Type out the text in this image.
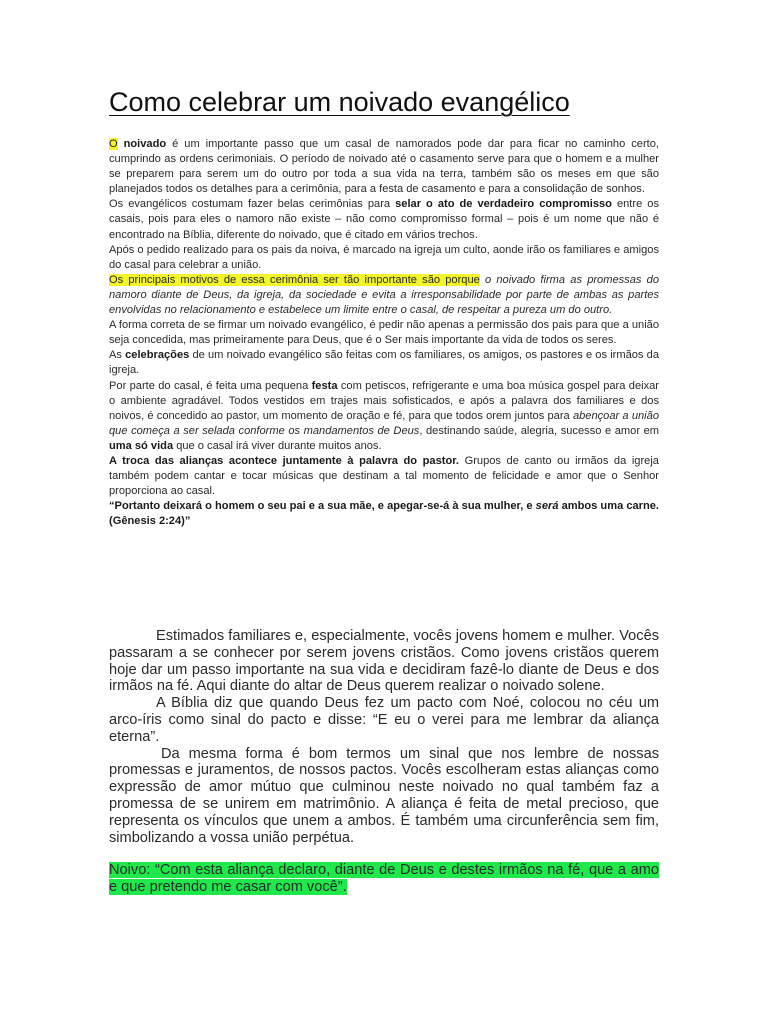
Como celebrar um noivado evangélico

O noivado é um importante passo que um casal de namorados pode dar para ficar no caminho certo, cumprindo as ordens cerimoniais. O período de noivado até o casamento serve para que o homem e a mulher se preparem para serem um do outro por toda a sua vida na terra, também são os meses em que são planejados todos os detalhes para a cerimônia, para a festa de casamento e para a consolidação de sonhos.

Os evangélicos costumam fazer belas cerimônias para selar o ato de verdadeiro compromisso entre os casais, pois para eles o namoro não existe – não como compromisso formal – pois é um nome que não é encontrado na Bíblia, diferente do noivado, que é citado em vários trechos.

Após o pedido realizado para os pais da noiva, é marcado na igreja um culto, aonde irão os familiares e amigos do casal para celebrar a união.

Os principais motivos de essa cerimônia ser tão importante são porque o noivado firma as promessas do namoro diante de Deus, da igreja, da sociedade e evita a irresponsabilidade por parte de ambas as partes envolvidas no relacionamento e estabelece um limite entre o casal, de respeitar a pureza um do outro.

A forma correta de se firmar um noivado evangélico, é pedir não apenas a permissão dos pais para que a união seja concedida, mas primeiramente para Deus, que é o Ser mais importante da vida de todos os seres.

As celebrações de um noivado evangélico são feitas com os familiares, os amigos, os pastores e os irmãos da igreja.

Por parte do casal, é feita uma pequena festa com petiscos, refrigerante e uma boa música gospel para deixar o ambiente agradável. Todos vestidos em trajes mais sofisticados, e após a palavra dos familiares e dos noivos, é concedido ao pastor, um momento de oração e fé, para que todos orem juntos para abençoar a união que começa a ser selada conforme os mandamentos de Deus, destinando saúde, alegria, sucesso e amor em uma só vida que o casal irá viver durante muitos anos.

A troca das alianças acontece juntamente à palavra do pastor. Grupos de canto ou irmãos da igreja também podem cantar e tocar músicas que destinam a tal momento de felicidade e amor que o Senhor proporciona ao casal.

“Portanto deixará o homem o seu pai e a sua mãe, e apegar-se-á à sua mulher, e será ambos uma carne. (Gênesis 2:24)”

Estimados familiares e, especialmente, vocês jovens homem e mulher. Vocês passaram a se conhecer por serem jovens cristãos. Como jovens cristãos querem hoje dar um passo importante na sua vida e decidiram fazê-lo diante de Deus e dos irmãos na fé. Aqui diante do altar de Deus querem realizar o noivado solene.

A Bíblia diz que quando Deus fez um pacto com Noé, colocou no céu um arco-íris como sinal do pacto e disse: “E eu o verei para me lembrar da aliança eterna”.

Da mesma forma é bom termos um sinal que nos lembre de nossas promessas e juramentos, de nossos pactos. Vocês escolheram estas alianças como expressão de amor mútuo que culminou neste noivado no qual também faz a promessa de se unirem em matrimônio. A aliança é feita de metal precioso, que representa os vínculos que unem a ambos. É também uma circunferência sem fim, simbolizando a vossa união perpétua.

Noivo: “Com esta aliança declaro, diante de Deus e destes irmãos na fé, que a amo e que pretendo me casar com você”.
